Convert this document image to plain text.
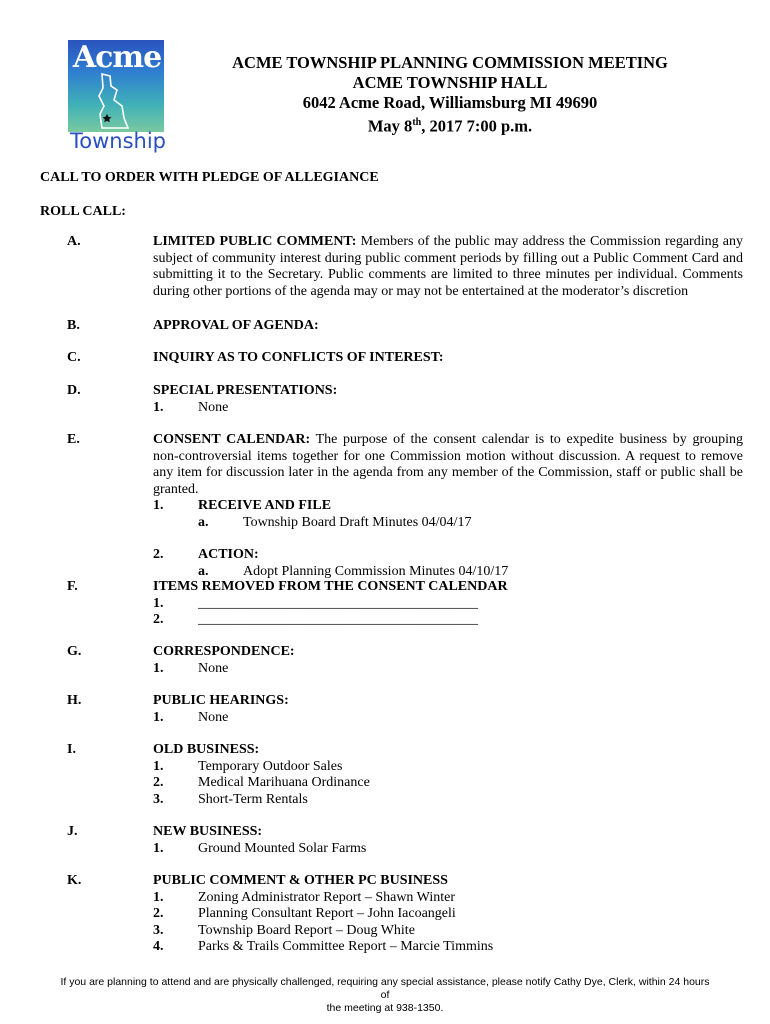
Acme
Township
ACME TOWNSHIP PLANNING COMMISSION MEETING
ACME TOWNSHIP HALL
6042 Acme Road, Williamsburg MI 49690
May 8th, 2017 7:00 p.m.
CALL TO ORDER WITH PLEDGE OF ALLEGIANCE
ROLL CALL:
A.	LIMITED PUBLIC COMMENT: Members of the public may address the Commission regarding any subject of community interest during public comment periods by filling out a Public Comment Card and submitting it to the Secretary. Public comments are limited to three minutes per individual. Comments during other portions of the agenda may or may not be entertained at the moderator’s discretion
B.	APPROVAL OF AGENDA:
C.	INQUIRY AS TO CONFLICTS OF INTEREST:
D.	SPECIAL PRESENTATIONS:
1. None
E.	CONSENT CALENDAR: The purpose of the consent calendar is to expedite business by grouping non-controversial items together for one Commission motion without discussion. A request to remove any item for discussion later in the agenda from any member of the Commission, staff or public shall be granted.
1. RECEIVE AND FILE
a. Township Board Draft Minutes 04/04/17
2. ACTION:
a. Adopt Planning Commission Minutes 04/10/17
F.	ITEMS REMOVED FROM THE CONSENT CALENDAR
1. ________________________________________
2. ________________________________________
G.	CORRESPONDENCE:
1. None
H.	PUBLIC HEARINGS:
1. None
I.	OLD BUSINESS:
1. Temporary Outdoor Sales
2. Medical Marihuana Ordinance
3. Short-Term Rentals
J.	NEW BUSINESS:
1. Ground Mounted Solar Farms
K.	PUBLIC COMMENT & OTHER PC BUSINESS
1. Zoning Administrator Report – Shawn Winter
2. Planning Consultant Report – John Iacoangeli
3. Township Board Report – Doug White
4. Parks & Trails Committee Report – Marcie Timmins
If you are planning to attend and are physically challenged, requiring any special assistance, please notify Cathy Dye, Clerk, within 24 hours of
the meeting at 938-1350.
